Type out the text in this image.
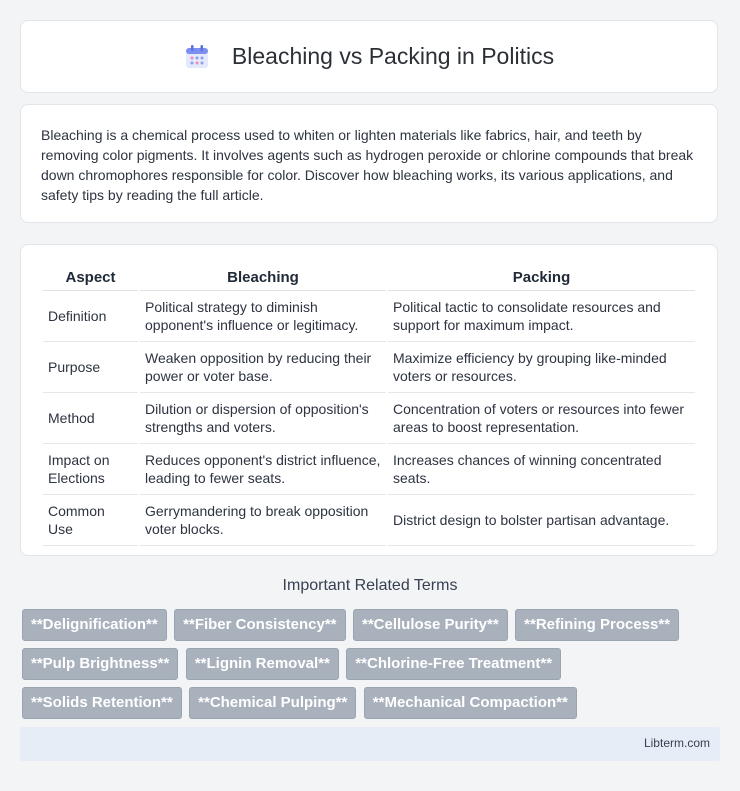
Bleaching vs Packing in Politics

Bleaching is a chemical process used to whiten or lighten materials like fabrics, hair, and teeth by removing color pigments. It involves agents such as hydrogen peroxide or chlorine compounds that break down chromophores responsible for color. Discover how bleaching works, its various applications, and safety tips by reading the full article.

Aspect	Bleaching	Packing
Definition	Political strategy to diminish opponent's influence or legitimacy.	Political tactic to consolidate resources and support for maximum impact.
Purpose	Weaken opposition by reducing their power or voter base.	Maximize efficiency by grouping like-minded voters or resources.
Method	Dilution or dispersion of opposition's strengths and voters.	Concentration of voters or resources into fewer areas to boost representation.
Impact on Elections	Reduces opponent's district influence, leading to fewer seats.	Increases chances of winning concentrated seats.
Common Use	Gerrymandering to break opposition voter blocks.	District design to bolster partisan advantage.
Important Related Terms
**Delignification** **Fiber Consistency** **Cellulose Purity** **Refining Process** **Pulp Brightness** **Lignin Removal** **Chlorine-Free Treatment** **Solids Retention** **Chemical Pulping** **Mechanical Compaction**
Libterm.com
